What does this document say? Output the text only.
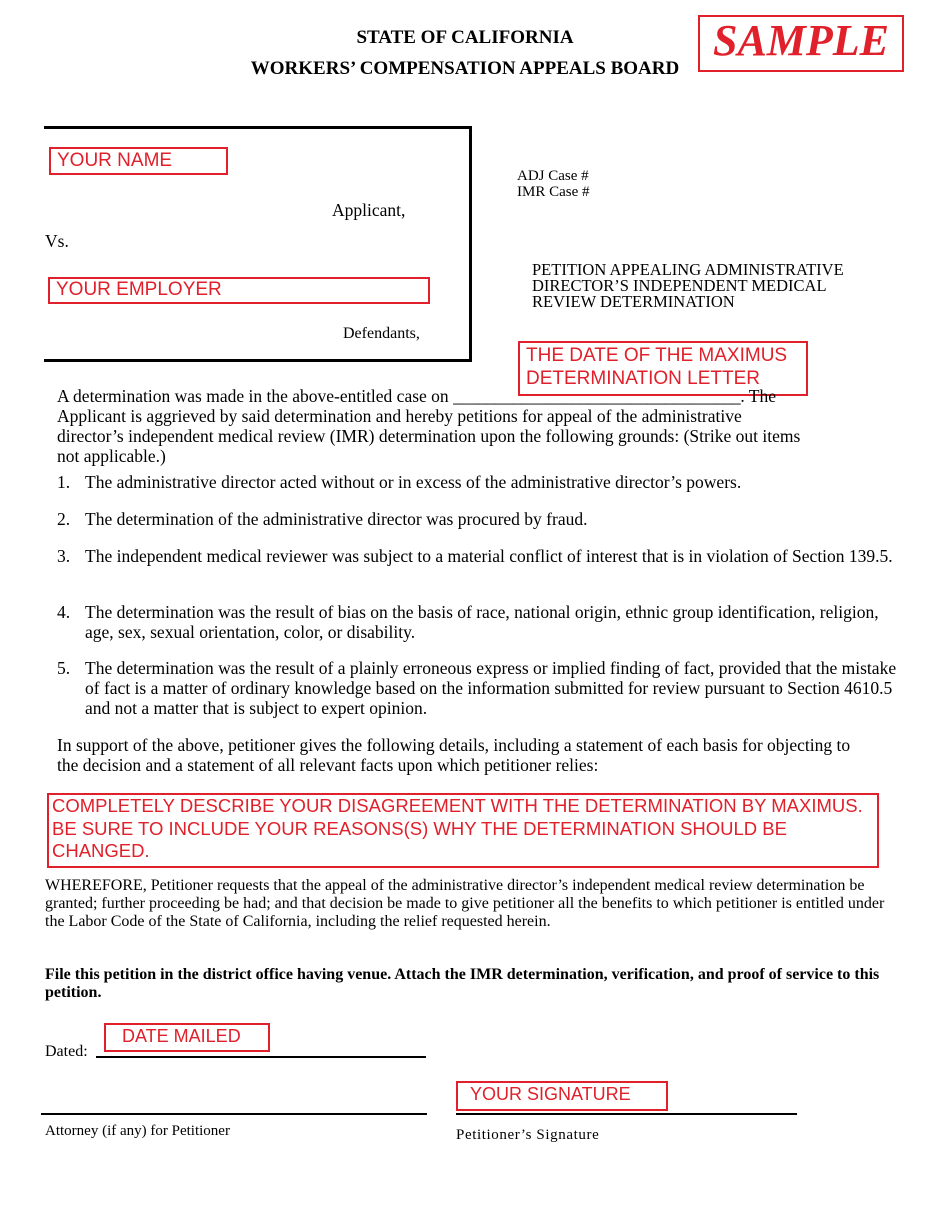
STATE OF CALIFORNIA
WORKERS’ COMPENSATION APPEALS BOARD
SAMPLE
YOUR NAME
Applicant,
Vs.
YOUR EMPLOYER
Defendants,
ADJ Case #
IMR Case #
PETITION APPEALING ADMINISTRATIVE
DIRECTOR’S INDEPENDENT MEDICAL
REVIEW DETERMINATION
THE DATE OF THE MAXIMUS
DETERMINATION LETTER
A determination was made in the above-entitled case on __________________________________. The
Applicant is aggrieved by said determination and hereby petitions for appeal of the administrative
director’s independent medical review (IMR) determination upon the following grounds: (Strike out items
not applicable.)
1. The administrative director acted without or in excess of the administrative director’s powers.
2. The determination of the administrative director was procured by fraud.
3. The independent medical reviewer was subject to a material conflict of interest that is in violation of Section 139.5.
4. The determination was the result of bias on the basis of race, national origin, ethnic group identification, religion, age, sex, sexual orientation, color, or disability.
5. The determination was the result of a plainly erroneous express or implied finding of fact, provided that the mistake of fact is a matter of ordinary knowledge based on the information submitted for review pursuant to Section 4610.5 and not a matter that is subject to expert opinion.
In support of the above, petitioner gives the following details, including a statement of each basis for objecting to the decision and a statement of all relevant facts upon which petitioner relies:
COMPLETELY DESCRIBE YOUR DISAGREEMENT WITH THE DETERMINATION BY MAXIMUS. BE SURE TO INCLUDE YOUR REASONS(S) WHY THE DETERMINATION SHOULD BE CHANGED.
WHEREFORE, Petitioner requests that the appeal of the administrative director’s independent medical review determination be granted; further proceeding be had; and that decision be made to give petitioner all the benefits to which petitioner is entitled under the Labor Code of the State of California, including the relief requested herein.
File this petition in the district office having venue. Attach the IMR determination, verification, and proof of service to this petition.
Dated:
DATE MAILED
Attorney (if any) for Petitioner
YOUR SIGNATURE
Petitioner’s Signature
